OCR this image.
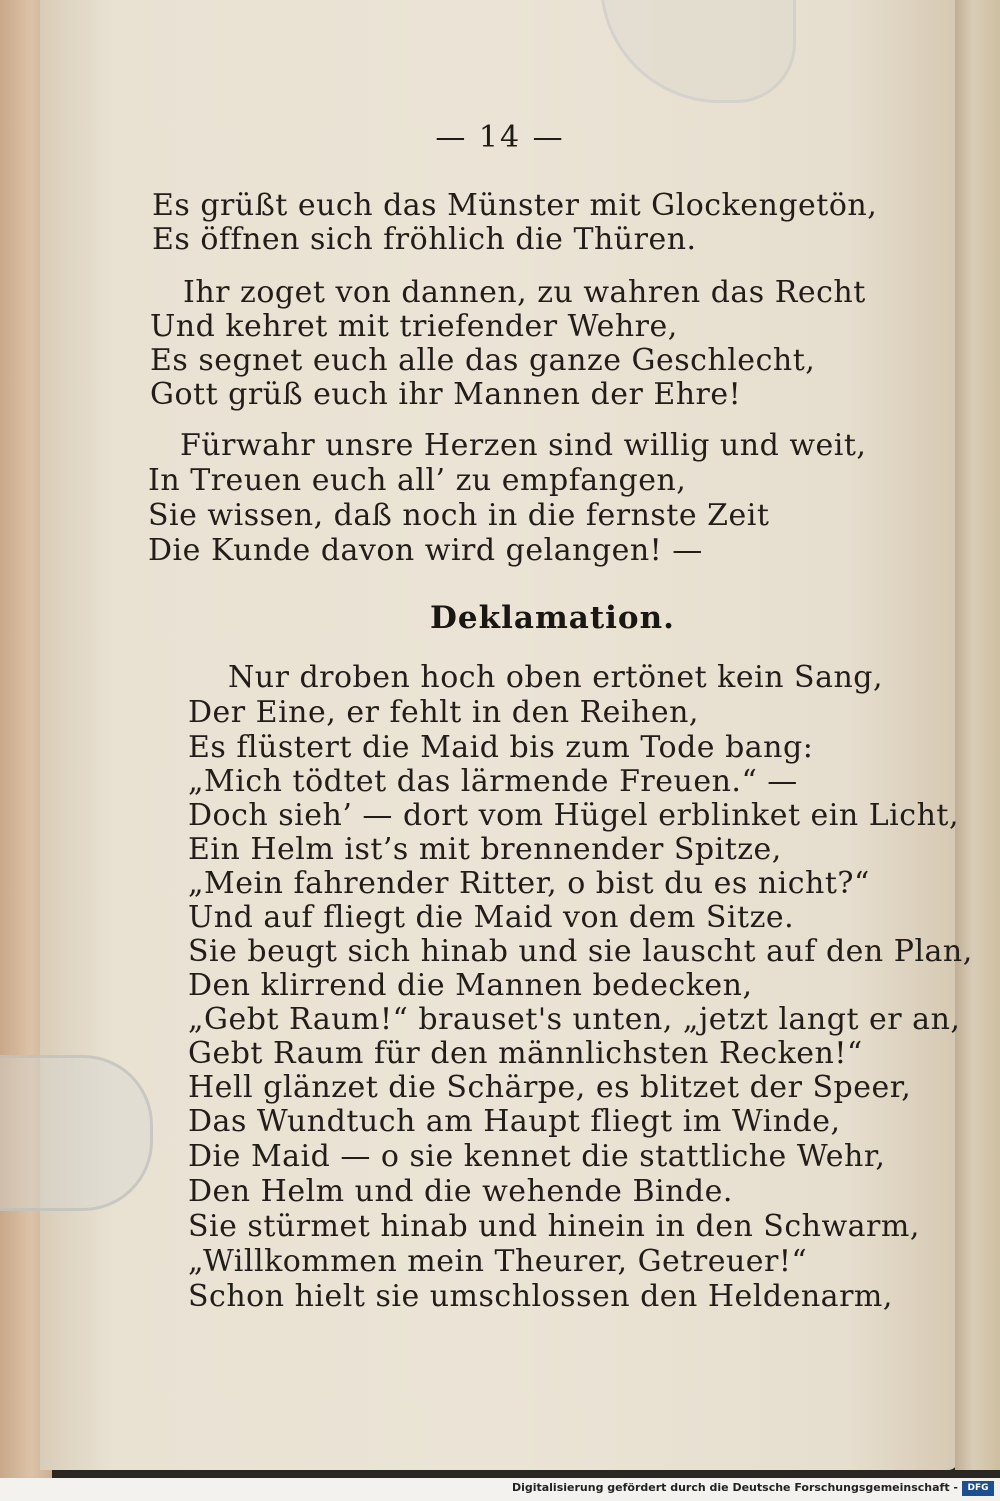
— 14 —
Es grüßt euch das Münster mit Glockengetön,
Es öffnen sich fröhlich die Thüren.
Ihr zoget von dannen, zu wahren das Recht
Und kehret mit triefender Wehre,
Es segnet euch alle das ganze Geschlecht,
Gott grüß euch ihr Mannen der Ehre!
Fürwahr unsre Herzen sind willig und weit,
In Treuen euch all’ zu empfangen,
Sie wissen, daß noch in die fernste Zeit
Die Kunde davon wird gelangen! —
Deklamation.
Nur droben hoch oben ertönet kein Sang,
Der Eine, er fehlt in den Reihen,
Es flüstert die Maid bis zum Tode bang:
„Mich tödtet das lärmende Freuen.“ —
Doch sieh’ — dort vom Hügel erblinket ein Licht,
Ein Helm ist’s mit brennender Spitze,
„Mein fahrender Ritter, o bist du es nicht?“
Und auf fliegt die Maid von dem Sitze.
Sie beugt sich hinab und sie lauscht auf den Plan,
Den klirrend die Mannen bedecken,
„Gebt Raum!“ brauset's unten, „jetzt langt er an,
Gebt Raum für den männlichsten Recken!“
Hell glänzet die Schärpe, es blitzet der Speer,
Das Wundtuch am Haupt fliegt im Winde,
Die Maid — o sie kennet die stattliche Wehr,
Den Helm und die wehende Binde.
Sie stürmet hinab und hinein in den Schwarm,
„Willkommen mein Theurer, Getreuer!“
Schon hielt sie umschlossen den Heldenarm,
Digitalisierung gefördert durch die Deutsche Forschungsgemeinschaft -	DFG
